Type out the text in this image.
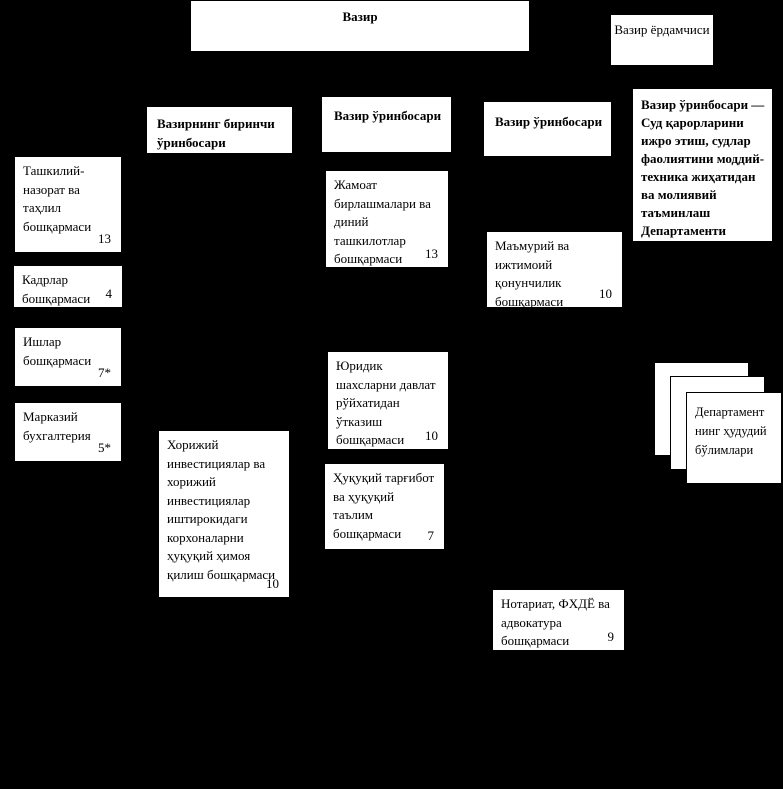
Вазир
Вазир ёрдамчиси
Вазирнинг биринчи ўринбосари
Вазир ўринбосари	Вазир ўринбосари
Вазир ўринбосари — Суд қарорларини ижро этиш, судлар фаолиятини моддий-техника жиҳатидан ва молиявий таъминлаш Департаменти
Ташкилий-назорат ва таҳлил бошқармаси
13
Кадрлар бошқармаси	4
Ишлар бошқармаси
7*
Марказий бухгалтерия
5*	Хорижий инвестициялар ва хорижий инвестициялар иштирокидаги корхоналарни ҳуқуқий ҳимоя қилиш бошқармаси
10
Жамоат бирлашмалари ва диний ташкилотлар бошқармаси	13
Юридик шахсларни давлат рўйхатидан ўтказиш бошқармаси	10
Ҳуқуқий тарғибот ва ҳуқуқий таълим бошқармаси	7
Маъмурий ва ижтимоий қонунчилик бошқармаси
10
Нотариат, ФХДЁ ва адвокатура бошқармаси	9
Департамент нинг ҳудудий бўлимлари
